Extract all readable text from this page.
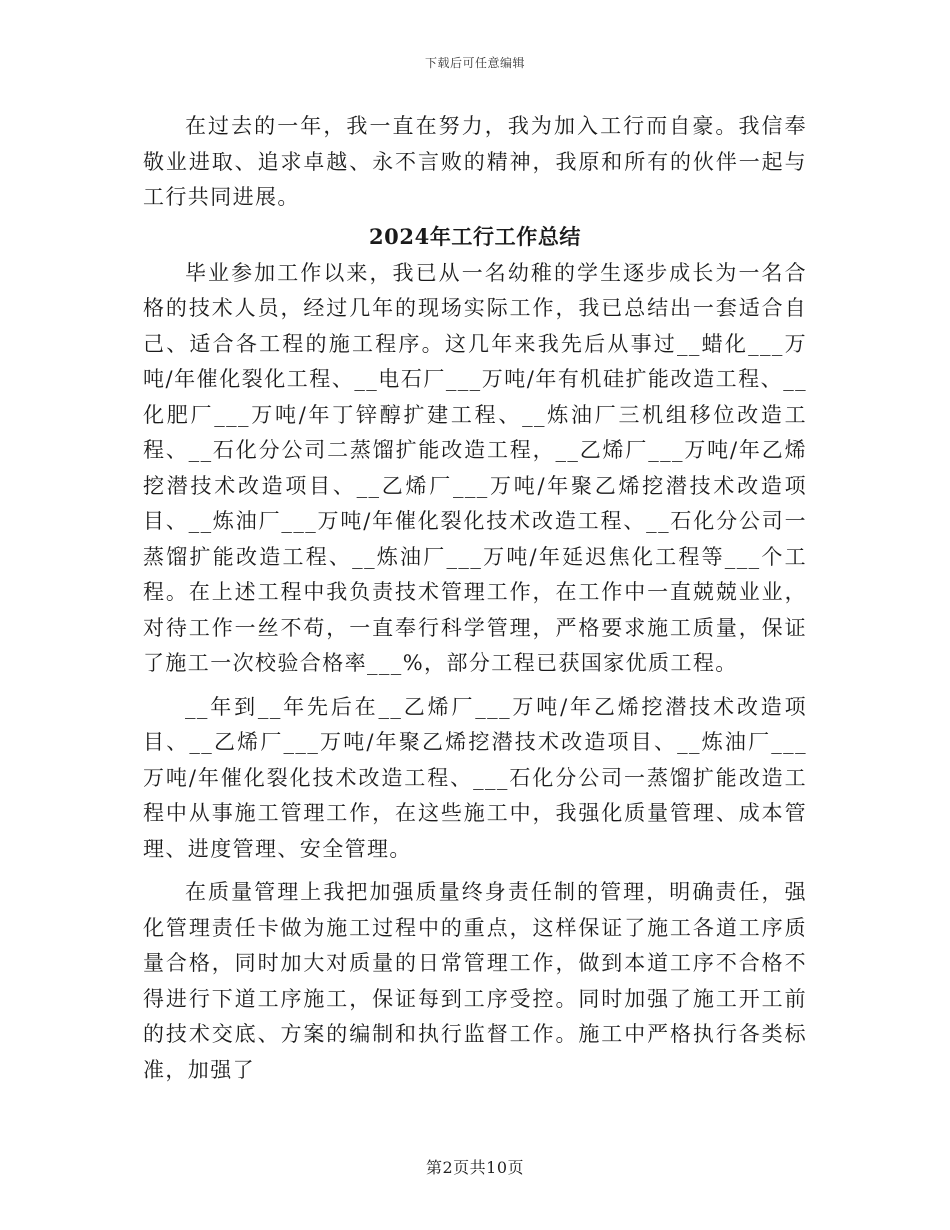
下载后可任意编辑

在过去的一年，我一直在努力，我为加入工行而自豪。我信奉敬业进取、追求卓越、永不言败的精神，我原和所有的伙伴一起与工行共同进展。

2024年工行工作总结

毕业参加工作以来，我已从一名幼稚的学生逐步成长为一名合格的技术人员，经过几年的现场实际工作，我已总结出一套适合自己、适合各工程的施工程序。这几年来我先后从事过__蜡化___万吨/年催化裂化工程、__电石厂___万吨/年有机硅扩能改造工程、__化肥厂___万吨/年丁锌醇扩建工程、__炼油厂三机组移位改造工程、__石化分公司二蒸馏扩能改造工程，__乙烯厂___万吨/年乙烯挖潜技术改造项目、__乙烯厂___万吨/年聚乙烯挖潜技术改造项目、__炼油厂___万吨/年催化裂化技术改造工程、__石化分公司一蒸馏扩能改造工程、__炼油厂___万吨/年延迟焦化工程等___个工程。在上述工程中我负责技术管理工作，在工作中一直兢兢业业，对待工作一丝不苟，一直奉行科学管理，严格要求施工质量，保证了施工一次校验合格率___%，部分工程已获国家优质工程。

__年到__年先后在__乙烯厂___万吨/年乙烯挖潜技术改造项目、__乙烯厂___万吨/年聚乙烯挖潜技术改造项目、__炼油厂___万吨/年催化裂化技术改造工程、___石化分公司一蒸馏扩能改造工程中从事施工管理工作，在这些施工中，我强化质量管理、成本管理、进度管理、安全管理。

在质量管理上我把加强质量终身责任制的管理，明确责任，强化管理责任卡做为施工过程中的重点，这样保证了施工各道工序质量合格，同时加大对质量的日常管理工作，做到本道工序不合格不得进行下道工序施工，保证每到工序受控。同时加强了施工开工前的技术交底、方案的编制和执行监督工作。施工中严格执行各类标准，加强了

第2页共10页
